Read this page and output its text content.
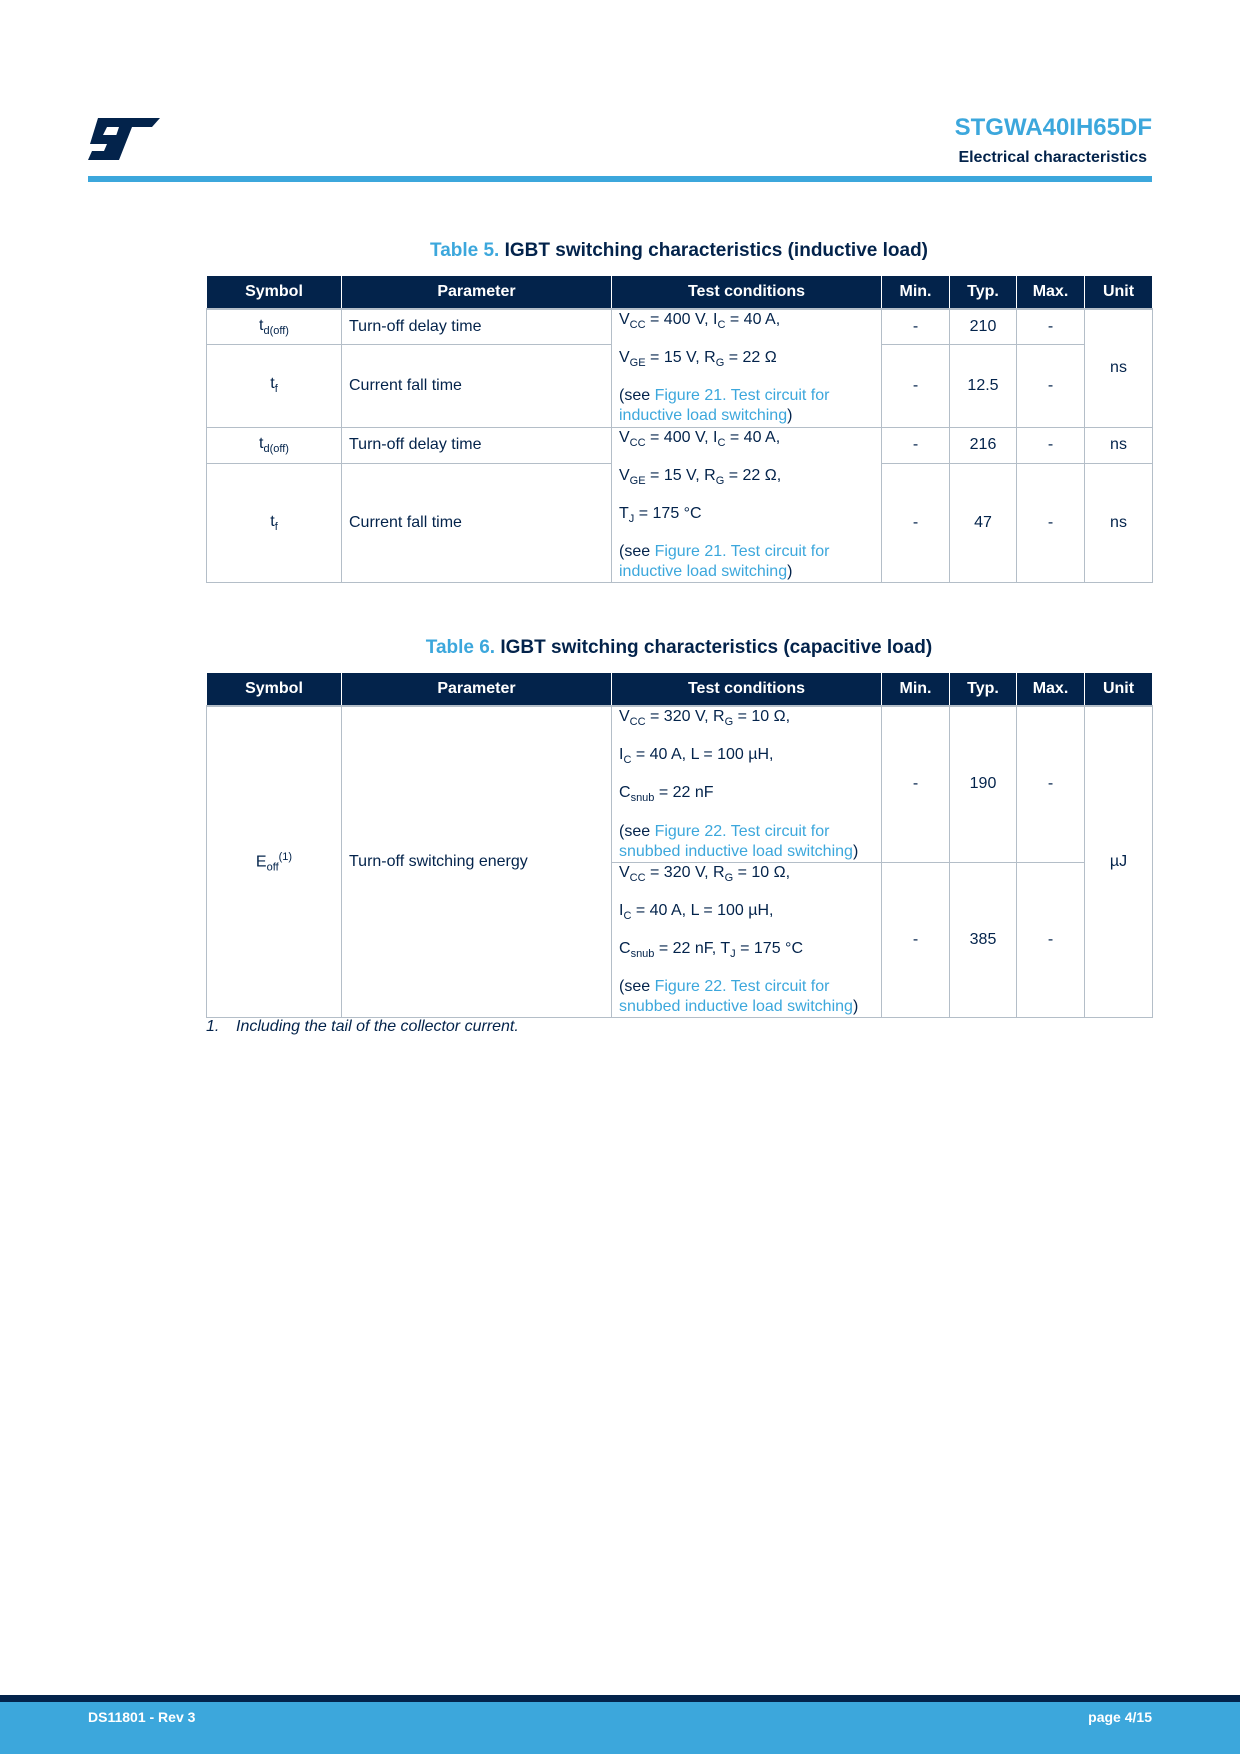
STGWA40IH65DF
Electrical characteristics
Table 5. IGBT switching characteristics (inductive load)
Symbol	Parameter	Test conditions	Min.	Typ.	Max.	Unit
$t_{d(off)}$	Turn-off delay time	$V_{CC} = 400$ V, $I_C = 40$ A,
$V_{GE} = 15$ V, $R_G = 22$ Ω
(see Figure 21. Test circuit for inductive load switching)	-	210	-	ns
$t_f$	Current fall time		-	12.5	-	
$t_{d(off)}$	Turn-off delay time	$V_{CC} = 400$ V, $I_C = 40$ A,
$V_{GE} = 15$ V, $R_G = 22$ Ω,
$T_J = 175$ °C
(see Figure 21. Test circuit for inductive load switching)	-	216	-	ns
$t_f$	Current fall time		-	47	-	ns
Table 6. IGBT switching characteristics (capacitive load)
Symbol	Parameter	Test conditions	Min.	Typ.	Max.	Unit
$E_{off}^{(1)}$	Turn-off switching energy	$V_{CC} = 320$ V, $R_G = 10$ Ω,
$I_C = 40$ A, L = 100 µH,
$C_{snub} = 22$ nF
(see Figure 22. Test circuit for snubbed inductive load switching)	-	190	-	µJ

		$V_{CC} = 320$ V, $R_G = 10$ Ω,
$I_C = 40$ A, L = 100 µH,
$C_{snub} = 22$ nF, $T_J = 175$ °C
(see Figure 22. Test circuit for snubbed inductive load switching)	-	385	-	
1. Including the tail of the collector current.
DS11801 - Rev 3	page 4/15
